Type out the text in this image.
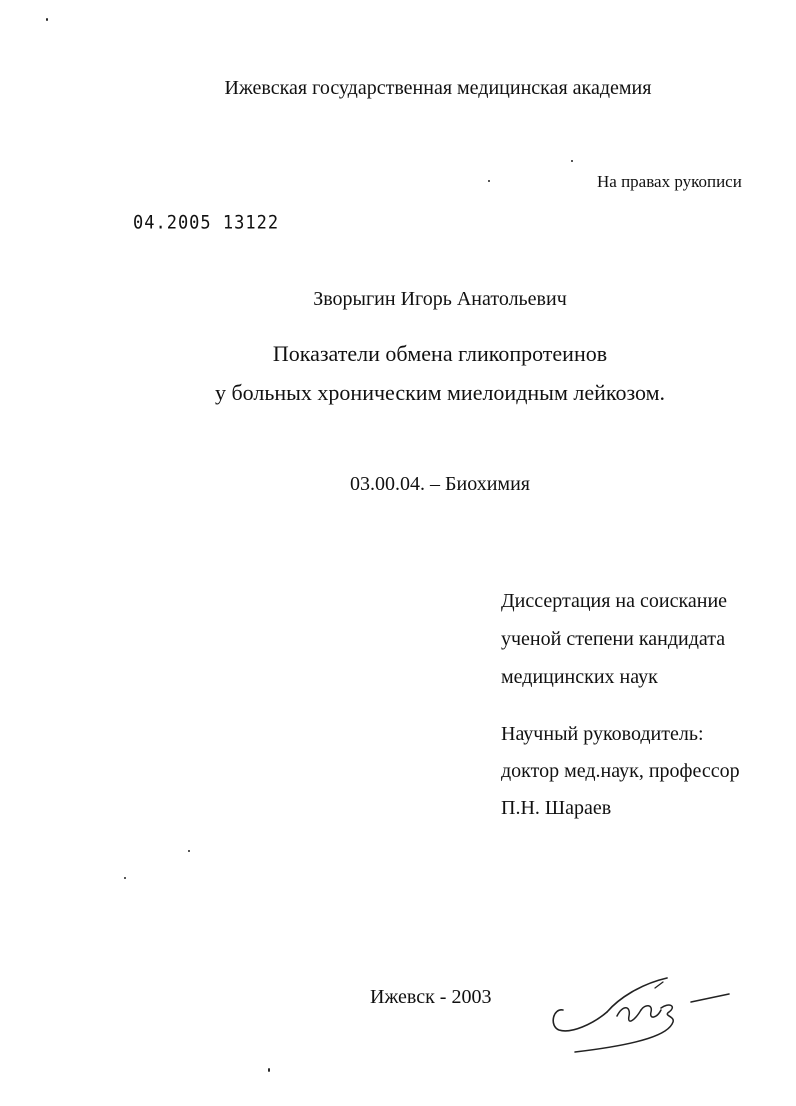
Ижевская государственная медицинская академия
На правах рукописи
04.2005 13122
Зворыгин Игорь Анатольевич
Показатели обмена гликопротеинов
у больных хроническим миелоидным лейкозом.
03.00.04. – Биохимия
Диссертация на соискание
ученой степени кандидата
медицинских наук
Научный руководитель:
доктор мед.наук, профессор
П.Н. Шараев
Ижевск - 2003
